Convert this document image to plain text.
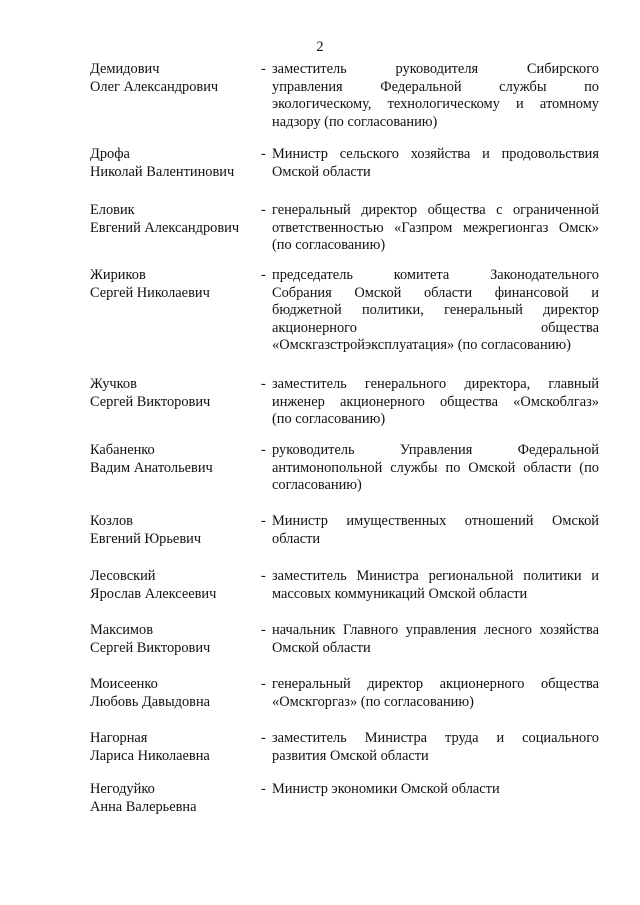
2
Демидович
Олег Александрович
- заместитель руководителя Сибирского
управления Федеральной службы по
экологическому, технологическому и атомному
надзору (по согласованию)
Дрофа
Николай Валентинович
- Министр сельского хозяйства и продовольствия
Омской области
Еловик
Евгений Александрович
- генеральный директор общества с ограниченной
ответственностью «Газпром межрегионгаз Омск»
(по согласованию)
Жириков
Сергей Николаевич
- председатель комитета Законодательного
Собрания Омской области финансовой и
бюджетной политики, генеральный директор
акционерного общества
«Омскгазстройэксплуатация» (по согласованию)
Жучков
Сергей Викторович
- заместитель генерального директора, главный
инженер акционерного общества «Омскоблгаз»
(по согласованию)
Кабаненко
Вадим Анатольевич
- руководитель Управления Федеральной
антимонопольной службы по Омской области (по
согласованию)
Козлов
Евгений Юрьевич
- Министр имущественных отношений Омской
области
Лесовский
Ярослав Алексеевич
- заместитель Министра региональной политики и
массовых коммуникаций Омской области
Максимов
Сергей Викторович
- начальник Главного управления лесного хозяйства
Омской области
Моисеенко
Любовь Давыдовна
- генеральный директор акционерного общества
«Омскгоргаз» (по согласованию)
Нагорная
Лариса Николаевна
- заместитель Министра труда и социального
развития Омской области
Негодуйко
Анна Валерьевна
- Министр экономики Омской области
